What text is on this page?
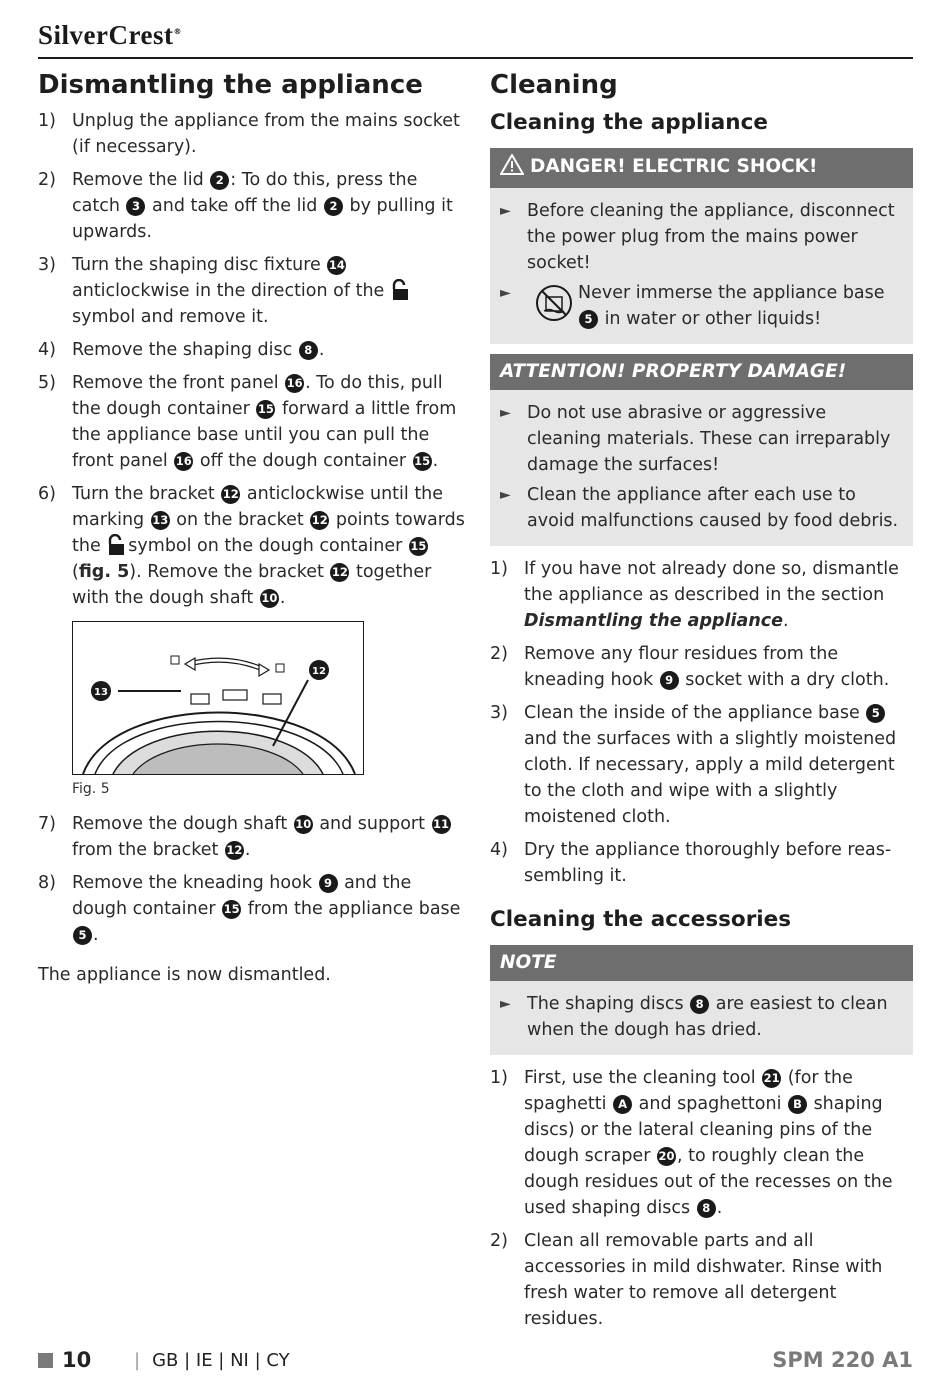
SilverCrest®
Dismantling the appliance
1) Unplug the appliance from the mains socket (if necessary).
2) Remove the lid 2 : To do this, press the catch 3 and take off the lid 2 by pulling it upwards.
3) Turn the shaping disc fixture 14 anticlockwise in the direction of the
symbol and remove it.
4) Remove the shaping disc 8 .
5) Remove the front panel 16 . To do this, pull the dough container 15 forward a little from the appliance base until you can pull the front panel 16 off the dough container 15 .
6) Turn the bracket 12 anticlockwise until the marking 13 on the bracket 12 points towards the
symbol on the dough container 15 (fig. 5). Remove the bracket 12 together with the dough shaft 10 .
13
12
Fig. 5
7) Remove the dough shaft 10 and support 11 from the bracket 12 .
8) Remove the kneading hook 9 and the dough container 15 from the appliance base 5 .
The appliance is now dismantled.
Cleaning
Cleaning the appliance
DANGER! ELECTRIC SHOCK!
► Before cleaning the appliance, disconnect the power plug from the mains power socket!
►	Never immerse the appliance base 5 in water or other liquids!
ATTENTION! PROPERTY DAMAGE!
► Do not use abrasive or aggressive cleaning materials. These can irreparably damage the surfaces!
► Clean the appliance after each use to avoid malfunctions caused by food debris.
1) If you have not already done so, dismantle the appliance as described in the section Dismantling the appliance.
2) Remove any flour residues from the kneading hook 9 socket with a dry cloth.
3) Clean the inside of the appliance base 5 and the surfaces with a slightly moistened cloth. If necessary, apply a mild detergent to the cloth and wipe with a slightly moistened cloth.
4) Dry the appliance thoroughly before reas-sembling it.
Cleaning the accessories
NOTE
► The shaping discs 8 are easiest to clean when the dough has dried.
1) First, use the cleaning tool 21 (for the spaghetti A and spaghettoni B shaping discs) or the lateral cleaning pins of the dough scraper 20 , to roughly clean the dough residues out of the recesses on the used shaping discs 8 .
2) Clean all removable parts and all accessories in mild dishwater. Rinse with fresh water to remove all detergent residues.
10 | GB | IE | NI | CY	SPM 220 A1
